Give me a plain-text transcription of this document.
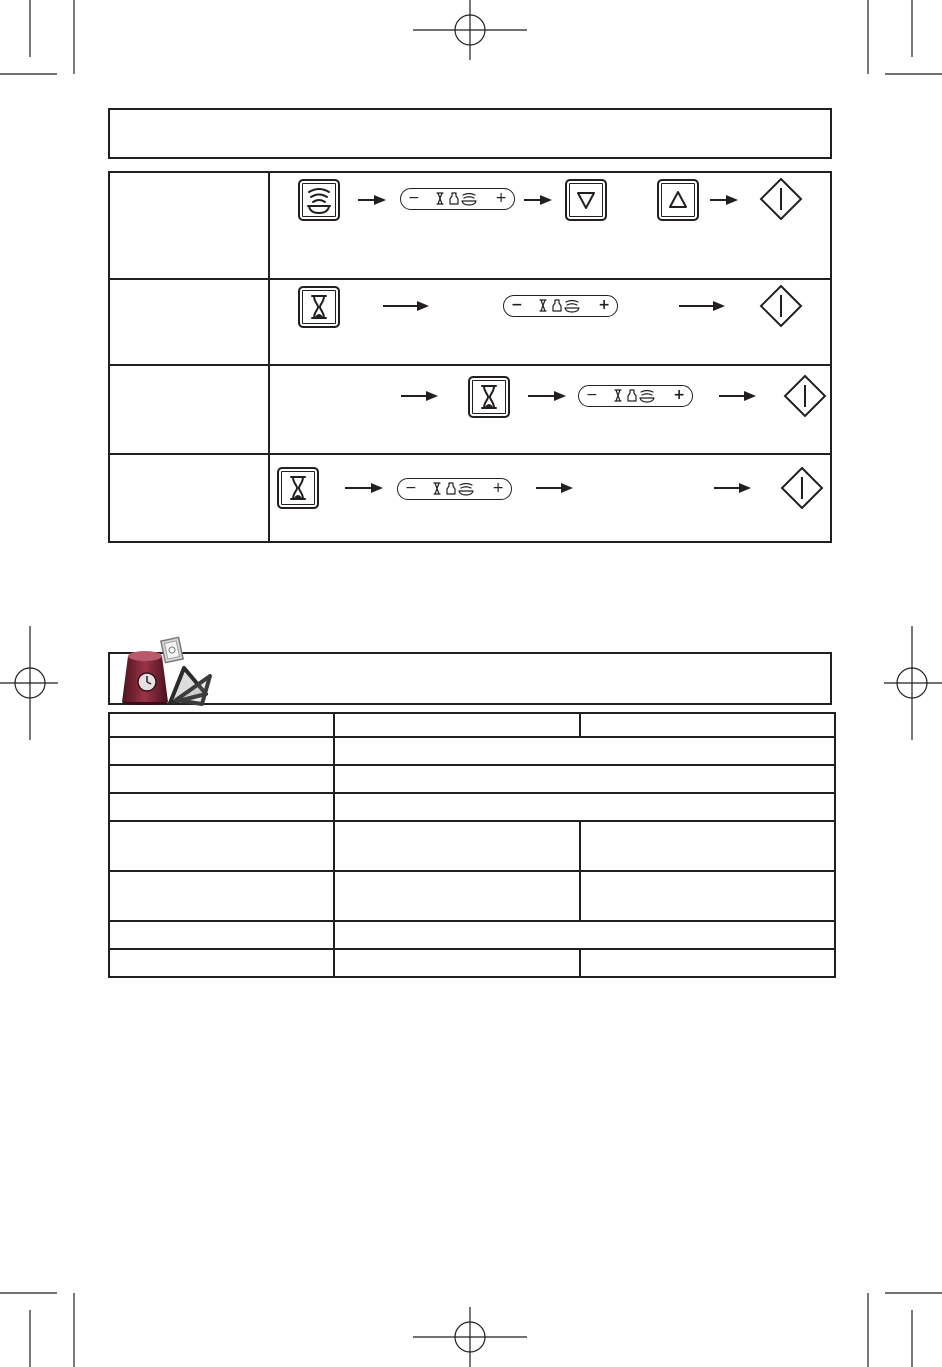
−	+
−	+
−	+
−	+
